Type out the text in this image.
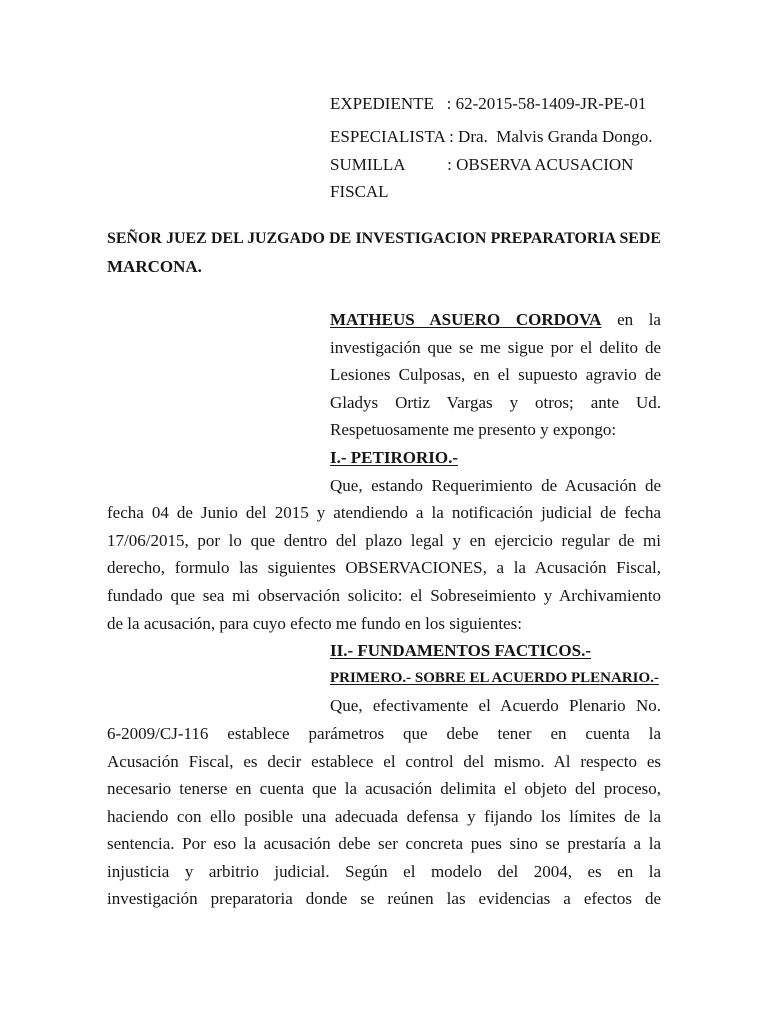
EXPEDIENTE   : 62-2015-58-1409-JR-PE-01
ESPECIALISTA : Dra.  Malvis Granda Dongo.
SUMILLA          : OBSERVA ACUSACION
FISCAL
SEÑOR JUEZ DEL JUZGADO DE INVESTIGACION PREPARATORIA SEDE
MARCONA.
MATHEUS ASUERO CORDOVA en la
investigación que se me sigue por el delito de
Lesiones Culposas, en el supuesto agravio de
Gladys Ortiz Vargas y otros; ante Ud.
Respetuosamente me presento y expongo:
I.- PETIRORIO.-
Que, estando Requerimiento de Acusación de
fecha 04 de Junio del 2015 y atendiendo a la notificación judicial de fecha
17/06/2015, por lo que dentro del plazo legal y en ejercicio regular de mi
derecho, formulo las siguientes OBSERVACIONES, a la Acusación Fiscal,
fundado que sea mi observación solicito: el Sobreseimiento y Archivamiento
de la acusación, para cuyo efecto me fundo en los siguientes:
II.- FUNDAMENTOS FACTICOS.-
PRIMERO.- SOBRE EL ACUERDO PLENARIO.-
Que, efectivamente el Acuerdo Plenario No.
6-2009/CJ-116 establece parámetros que debe tener en cuenta la
Acusación Fiscal, es decir establece el control del mismo. Al respecto es
necesario tenerse en cuenta que la acusación delimita el objeto del proceso,
haciendo con ello posible una adecuada defensa y fijando los límites de la
sentencia. Por eso la acusación debe ser concreta pues sino se prestaría a la
injusticia y arbitrio judicial. Según el modelo del 2004, es en la
investigación preparatoria donde se reúnen las evidencias a efectos de
